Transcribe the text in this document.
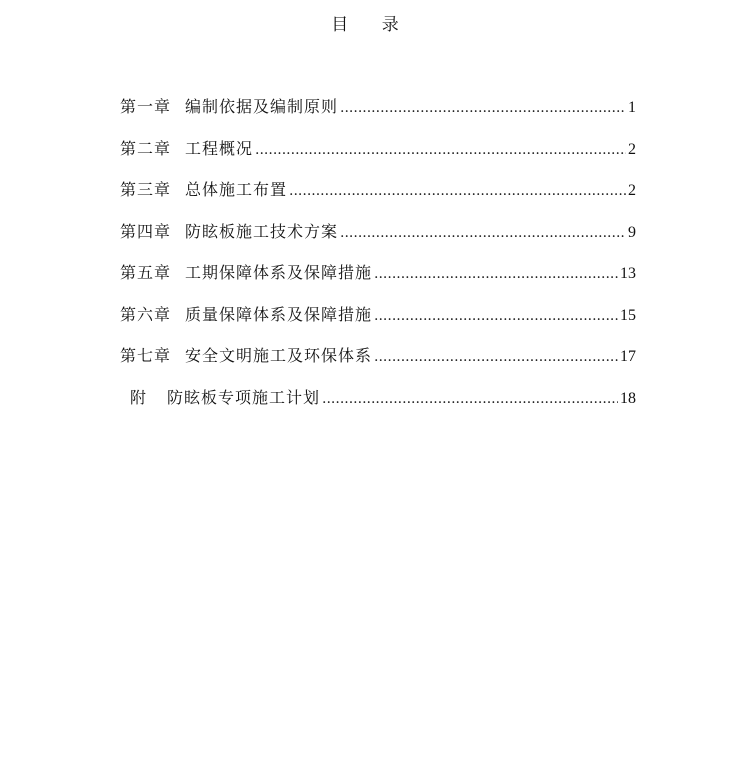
目 录
第一章 编制依据及编制原则 .....	1
第二章 工程概况 .....	2
第三章 总体施工布置 .....	2
第四章 防眩板施工技术方案 .....	9
第五章 工期保障体系及保障措施 .....	13
第六章 质量保障体系及保障措施 .....	15
第七章 安全文明施工及环保体系 .....	17
附 防眩板专项施工计划 .....	18
